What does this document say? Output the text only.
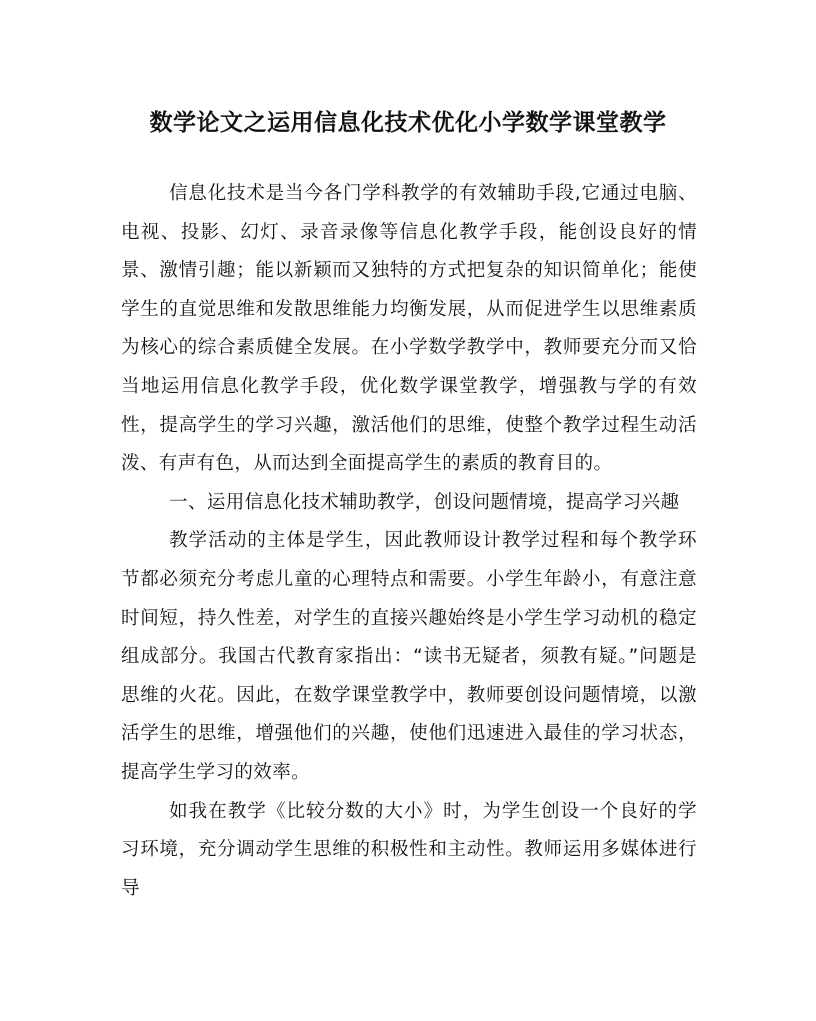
数学论文之运用信息化技术优化小学数学课堂教学

信息化技术是当今各门学科教学的有效辅助手段,它通过电脑、电视、投影、幻灯、录音录像等信息化教学手段，能创设良好的情景、激情引趣；能以新颖而又独特的方式把复杂的知识简单化；能使学生的直觉思维和发散思维能力均衡发展，从而促进学生以思维素质为核心的综合素质健全发展。在小学数学教学中，教师要充分而又恰当地运用信息化教学手段，优化数学课堂教学，增强教与学的有效性，提高学生的学习兴趣，激活他们的思维，使整个教学过程生动活泼、有声有色，从而达到全面提高学生的素质的教育目的。

一、运用信息化技术辅助教学，创设问题情境，提高学习兴趣

教学活动的主体是学生，因此教师设计教学过程和每个教学环节都必须充分考虑儿童的心理特点和需要。小学生年龄小，有意注意时间短，持久性差，对学生的直接兴趣始终是小学生学习动机的稳定组成部分。我国古代教育家指出：“读书无疑者，须教有疑。”问题是思维的火花。因此，在数学课堂教学中，教师要创设问题情境，以激活学生的思维，增强他们的兴趣，使他们迅速进入最佳的学习状态，提高学生学习的效率。

如我在教学《比较分数的大小》时，为学生创设一个良好的学习环境，充分调动学生思维的积极性和主动性。教师运用多媒体进行导
